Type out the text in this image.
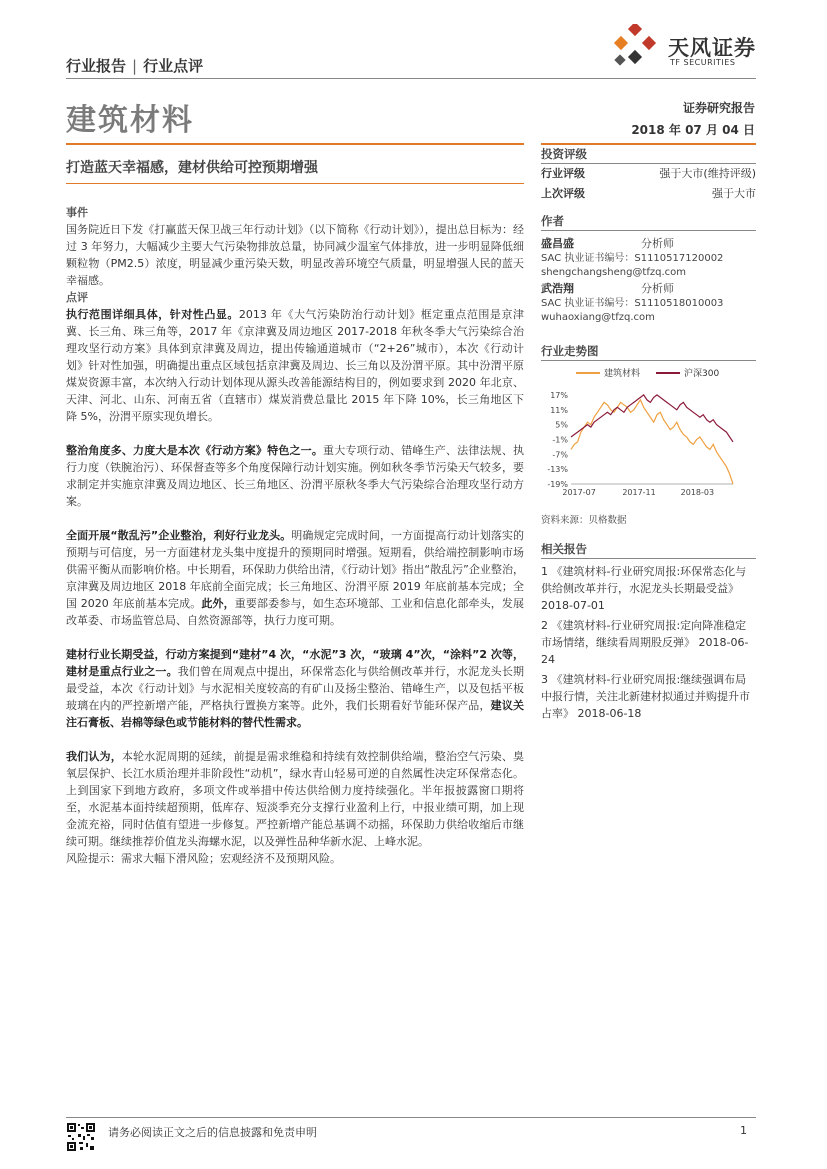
行业报告 | 行业点评
天风证券
TF SECURITIES
建筑材料	证券研究报告
2018 年 07 月 04 日
打造蓝天幸福感，建材供给可控预期增强
事件
国务院近日下发《打赢蓝天保卫战三年行动计划》（以下简称《行动计划》），提出总目标为：经过 3 年努力，大幅减少主要大气污染物排放总量，协同减少温室气体排放，进一步明显降低细颗粒物（PM2.5）浓度，明显减少重污染天数，明显改善环境空气质量，明显增强人民的蓝天幸福感。
点评
执行范围详细具体，针对性凸显。2013 年《大气污染防治行动计划》框定重点范围是京津冀、长三角、珠三角等，2017 年《京津冀及周边地区 2017-2018 年秋冬季大气污染综合治理攻坚行动方案》具体到京津冀及周边，提出传输通道城市（“2+26”城市），本次《行动计划》针对性加强，明确提出重点区域包括京津冀及周边、长三角以及汾渭平原。其中汾渭平原煤炭资源丰富，本次纳入行动计划体现从源头改善能源结构目的，例如要求到 2020 年北京、天津、河北、山东、河南五省（直辖市）煤炭消费总量比 2015 年下降 10%，长三角地区下降 5%，汾渭平原实现负增长。
整治角度多、力度大是本次《行动方案》特色之一。重大专项行动、错峰生产、法律法规、执行力度（铁腕治污）、环保督查等多个角度保障行动计划实施。例如秋冬季节污染天气较多，要求制定并实施京津冀及周边地区、长三角地区、汾渭平原秋冬季大气污染综合治理攻坚行动方案。
全面开展“散乱污”企业整治，利好行业龙头。明确规定完成时间，一方面提高行动计划落实的预期与可信度，另一方面建材龙头集中度提升的预期同时增强。短期看，供给端控制影响市场供需平衡从而影响价格。中长期看，环保助力供给出清，《行动计划》指出“散乱污”企业整治，京津冀及周边地区 2018 年底前全面完成；长三角地区、汾渭平原 2019 年底前基本完成；全国 2020 年底前基本完成。此外，重要部委参与，如生态环境部、工业和信息化部牵头，发展改革委、市场监管总局、自然资源部等，执行力度可期。
建材行业长期受益，行动方案提到“建材”4 次，“水泥”3 次，“玻璃 4”次，“涂料”2 次等，建材是重点行业之一。我们曾在周观点中提出，环保常态化与供给侧改革并行，水泥龙头长期最受益，本次《行动计划》与水泥相关度较高的有矿山及扬尘整治、错峰生产，以及包括平板玻璃在内的严控新增产能，严格执行置换方案等。此外，我们长期看好节能环保产品，建议关注石膏板、岩棉等绿色或节能材料的替代性需求。
我们认为，本轮水泥周期的延续，前提是需求维稳和持续有效控制供给端，整治空气污染、臭氧层保护、长江水质治理并非阶段性“动机”，绿水青山轻易可逆的自然属性决定环保常态化。上到国家下到地方政府，多项文件或举措中传达供给侧力度持续强化。半年报披露窗口期将至，水泥基本面持续超预期，低库存、短淡季充分支撑行业盈利上行，中报业绩可期，加上现金流充裕，同时估值有望进一步修复。严控新增产能总基调不动摇，环保助力供给收缩后市继续可期。继续推荐价值龙头海螺水泥，以及弹性品种华新水泥、上峰水泥。
风险提示：需求大幅下滑风险；宏观经济不及预期风险。
投资评级
行业评级	强于大市(维持评级)
上次评级	强于大市
作者
盛昌盛	分析师
SAC 执业证书编号：S1110517120002
shengchangsheng@tfzq.com
武浩翔	分析师
SAC 执业证书编号：S1110518010003
wuhaoxiang@tfzq.com
行业走势图
建筑材料	沪深300
17%
11%
5%
-1%
-7%
-13%
-19%
2017-07	2017-11	2018-03
资料来源：贝格数据
相关报告
1 《建筑材料-行业研究周报:环保常态化与供给侧改革并行，水泥龙头长期最受益》 2018-07-01
2 《建筑材料-行业研究周报:定向降准稳定市场情绪，继续看周期股反弹》 2018-06-24
3 《建筑材料-行业研究周报:继续强调布局中报行情，关注北新建材拟通过并购提升市占率》 2018-06-18
请务必阅读正文之后的信息披露和免责申明	1
